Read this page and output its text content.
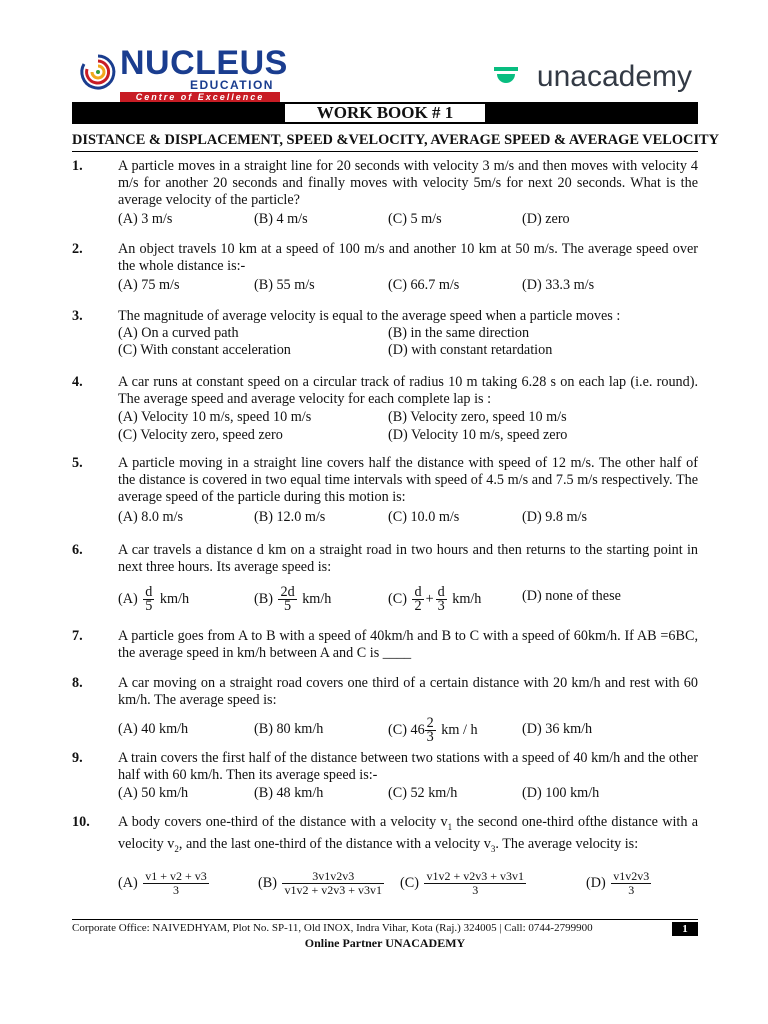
NUCLEUS
EDUCATION
Centre of Excellence
unacademy
WORK BOOK # 1
DISTANCE & DISPLACEMENT, SPEED &VELOCITY, AVERAGE SPEED & AVERAGE VELOCITY
1. A particle moves in a straight line for 20 seconds with velocity 3 m/s and then moves with velocity 4 m/s for another 20 seconds and finally moves with velocity 5m/s for next 20 seconds. What is the average velocity of the particle?
(A) 3 m/s	(B) 4 m/s	(C) 5 m/s	(D) zero
2. An object travels 10 km at a speed of 100 m/s and another 10 km at 50 m/s. The average speed over the whole distance is:-
(A) 75 m/s	(B) 55 m/s	(C) 66.7 m/s	(D) 33.3 m/s
3. The magnitude of average velocity is equal to the average speed when a particle moves :
(A) On a curved path	(B) in the same direction
(C) With constant acceleration	(D) with constant retardation
4. A car runs at constant speed on a circular track of radius 10 m taking 6.28 s on each lap (i.e. round). The average speed and average velocity for each complete lap is :
(A) Velocity 10 m/s, speed 10 m/s	(B) Velocity zero, speed 10 m/s
(C) Velocity zero, speed zero	(D) Velocity 10 m/s, speed zero
5. A particle moving in a straight line covers half the distance with speed of 12 m/s. The other half of the distance is covered in two equal time intervals with speed of 4.5 m/s and 7.5 m/s respectively. The average speed of the particle during this motion is:
(A) 8.0 m/s	(B) 12.0 m/s	(C) 10.0 m/s	(D) 9.8 m/s
6. A car travels a distance d km on a straight road in two hours and then returns to the starting point in next three hours. Its average speed is:
$(A) \frac{d}{5} km/h$	$(B) \frac{2d}{5} km/h$	$(C) \frac{d}{2} + \frac{d}{3} km/h$	(D) none of these
7. A particle goes from A to B with a speed of 40km/h and B to C with a speed of 60km/h. If AB =6BC, the average speed in km/h between A and C is ____
8. A car moving on a straight road covers one third of a certain distance with 20 km/h and rest with 60 km/h. The average speed is:
(A) 40 km/h	(B) 80 km/h	(C) $46 \frac{2}{3}$ km / h	(D) 36 km/h
9. A train covers the first half of the distance between two stations with a speed of 40 km/h and the other half with 60 km/h. Then its average speed is:-
(A) 50 km/h	(B) 48 km/h	(C) 52 km/h	(D) 100 km/h
10. A body covers one-third of the distance with a velocity $v_1$ the second one-third ofthe distance with a velocity $v_2$, and the last one-third of the distance with a velocity $v_3$. The average velocity is:
$(A) \frac{v1 + v2 + v3}{3}$	$(B) \frac{3v1v2v3}{v1v2 + v2v3 + v3v1} (C) \frac{v1v2 + v2v3 + v3v1}{3}$	$(D) \frac{v1v2v3}{3}$
Corporate Office: NAIVEDHYAM, Plot No. SP-11, Old INOX, Indra Vihar, Kota (Raj.) 324005 | Call: 0744-2799900	1
Online Partner UNACADEMY
